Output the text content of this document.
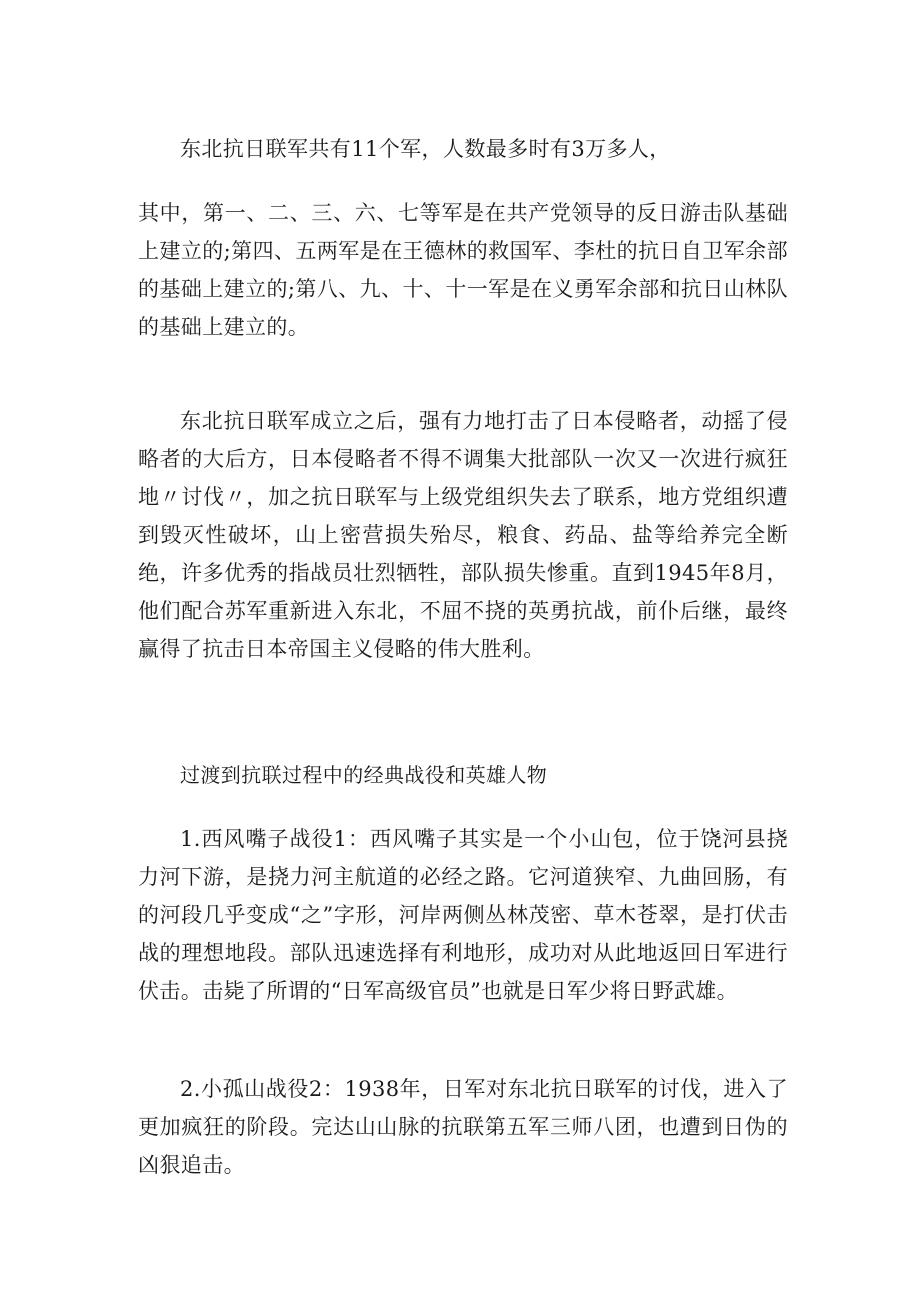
东北抗日联军共有11个军，人数最多时有3万多人，

其中，第一、二、三、六、七等军是在共产党领导的反日游击队基础上建立的;第四、五两军是在王德林的救国军、李杜的抗日自卫军余部的基础上建立的;第八、九、十、十一军是在义勇军余部和抗日山林队的基础上建立的。

东北抗日联军成立之后，强有力地打击了日本侵略者，动摇了侵略者的大后方，日本侵略者不得不调集大批部队一次又一次进行疯狂地〃讨伐〃，加之抗日联军与上级党组织失去了联系，地方党组织遭到毁灭性破坏，山上密营损失殆尽，粮食、药品、盐等给养完全断绝，许多优秀的指战员壮烈牺牲，部队损失惨重。直到1945年8月，他们配合苏军重新进入东北，不屈不挠的英勇抗战，前仆后继，最终赢得了抗击日本帝国主义侵略的伟大胜利。

过渡到抗联过程中的经典战役和英雄人物

1.西风嘴子战役1：西风嘴子其实是一个小山包，位于饶河县挠力河下游，是挠力河主航道的必经之路。它河道狭窄、九曲回肠，有的河段几乎变成“之”字形，河岸两侧丛林茂密、草木苍翠，是打伏击战的理想地段。部队迅速选择有利地形，成功对从此地返回日军进行伏击。击毙了所谓的“日军高级官员”也就是日军少将日野武雄。

2.小孤山战役2：1938年，日军对东北抗日联军的讨伐，进入了更加疯狂的阶段。完达山山脉的抗联第五军三师八团，也遭到日伪的凶狠追击。
